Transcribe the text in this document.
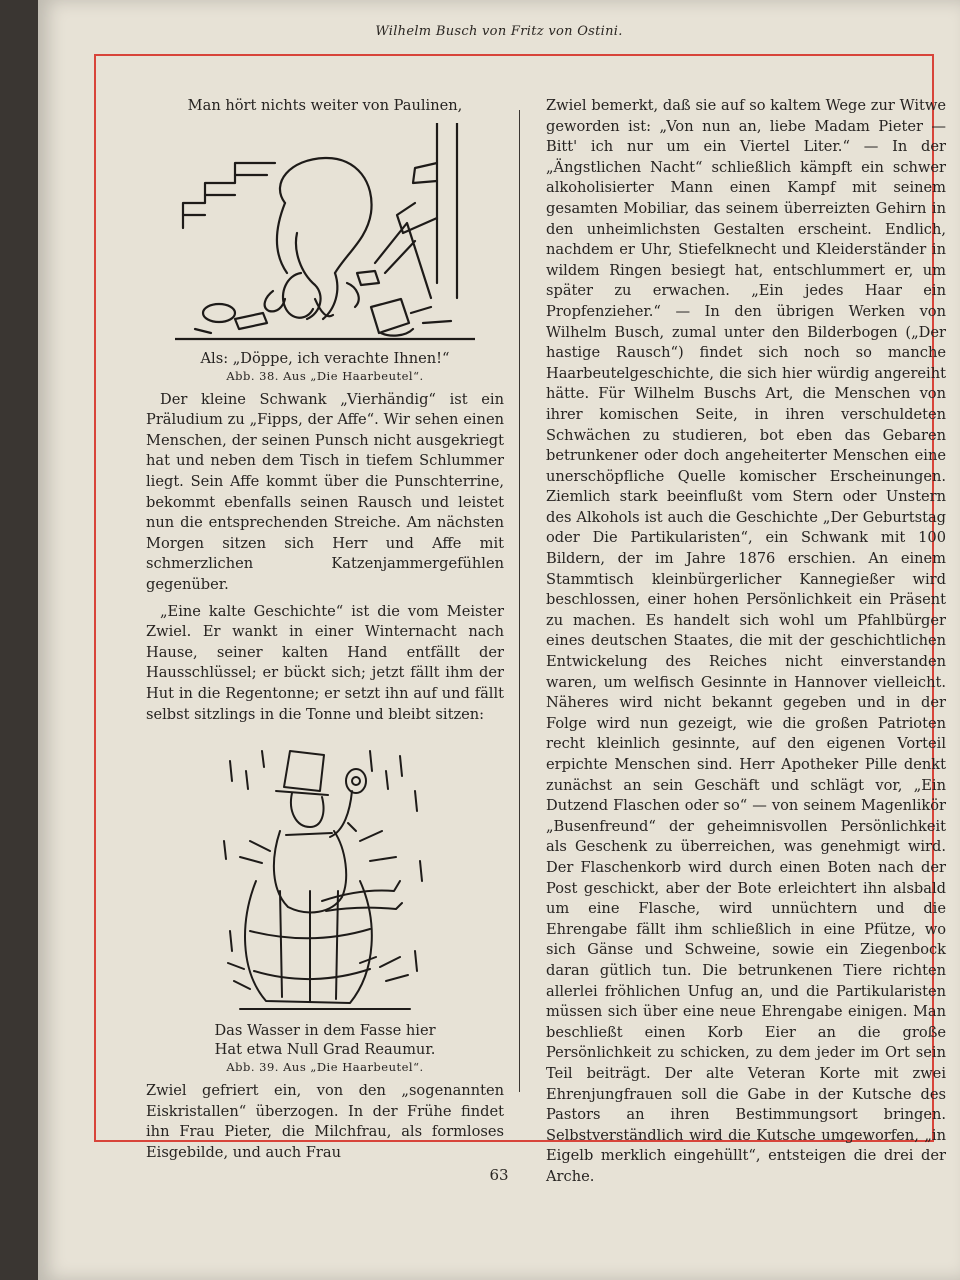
Wilhelm Busch von Fritz von Ostini.

Man hört nichts weiter von Paulinen,

Als: „Döppe, ich verachte Ihnen!“

Abb. 38. Aus „Die Haarbeutel“.

Der kleine Schwank „Vierhändig“ ist ein Präludium zu „Fipps, der Affe“. Wir sehen einen Menschen, der seinen Punsch nicht ausgekriegt hat und neben dem Tisch in tiefem Schlummer liegt. Sein Affe kommt über die Punschterrine, bekommt ebenfalls seinen Rausch und leistet nun die entsprechenden Streiche. Am nächsten Morgen sitzen sich Herr und Affe mit schmerzlichen Katzenjammergefühlen gegenüber.

„Eine kalte Geschichte“ ist die vom Meister Zwiel. Er wankt in einer Winternacht nach Hause, seiner kalten Hand entfällt der Hausschlüssel; er bückt sich; jetzt fällt ihm der Hut in die Regentonne; er setzt ihn auf und fällt selbst sitzlings in die Tonne und bleibt sitzen:

Das Wasser in dem Fasse hier

Hat etwa Null Grad Reaumur.

Abb. 39. Aus „Die Haarbeutel“.

Zwiel gefriert ein, von den „sogenannten Eiskristallen“ überzogen. In der Frühe findet ihn Frau Pieter, die Milchfrau, als formloses Eisgebilde, und auch Frau

Zwiel bemerkt, daß sie auf so kaltem Wege zur Witwe geworden ist: „Von nun an, liebe Madam Pieter — Bitt' ich nur um ein Viertel Liter.“ — In der „Ängstlichen Nacht“ schließlich kämpft ein schwer alkoholisierter Mann einen Kampf mit seinem gesamten Mobiliar, das seinem überreizten Gehirn in den unheimlichsten Gestalten erscheint. Endlich, nachdem er Uhr, Stiefelknecht und Kleiderständer in wildem Ringen besiegt hat, entschlummert er, um später zu erwachen. „Ein jedes Haar ein Propfenzieher.“ — In den übrigen Werken von Wilhelm Busch, zumal unter den Bilderbogen („Der hastige Rausch“) findet sich noch so manche Haarbeutelgeschichte, die sich hier würdig angereiht hätte. Für Wilhelm Buschs Art, die Menschen von ihrer komischen Seite, in ihren verschuldeten Schwächen zu studieren, bot eben das Gebaren betrunkener oder doch angeheiterter Menschen eine unerschöpfliche Quelle komischer Erscheinungen. Ziemlich stark beeinflußt vom Stern oder Unstern des Alkohols ist auch die Geschichte „Der Geburtstag oder Die Partikularisten“, ein Schwank mit 100 Bildern, der im Jahre 1876 erschien. An einem Stammtisch kleinbürgerlicher Kannegießer wird beschlossen, einer hohen Persönlichkeit ein Präsent zu machen. Es handelt sich wohl um Pfahlbürger eines deutschen Staates, die mit der geschichtlichen Entwickelung des Reiches nicht einverstanden waren, um welfisch Gesinnte in Hannover vielleicht. Näheres wird nicht bekannt gegeben und in der Folge wird nun gezeigt, wie die großen Patrioten recht kleinlich gesinnte, auf den eigenen Vorteil erpichte Menschen sind. Herr Apotheker Pille denkt zunächst an sein Geschäft und schlägt vor, „Ein Dutzend Flaschen oder so“ — von seinem Magenlikör „Busenfreund“ der geheimnisvollen Persönlichkeit als Geschenk zu überreichen, was genehmigt wird. Der Flaschenkorb wird durch einen Boten nach der Post geschickt, aber der Bote erleichtert ihn alsbald um eine Flasche, wird unnüchtern und die Ehrengabe fällt ihm schließlich in eine Pfütze, wo sich Gänse und Schweine, sowie ein Ziegenbock daran gütlich tun. Die betrunkenen Tiere richten allerlei fröhlichen Unfug an, und die Partikularisten müssen sich über eine neue Ehrengabe einigen. Man beschließt einen Korb Eier an die große Persönlichkeit zu schicken, zu dem jeder im Ort sein Teil beiträgt. Der alte Veteran Korte mit zwei Ehrenjungfrauen soll die Gabe in der Kutsche des Pastors an ihren Bestimmungsort bringen. Selbstverständlich wird die Kutsche umgeworfen, „in Eigelb merklich eingehüllt“, entsteigen die drei der Arche.

63
